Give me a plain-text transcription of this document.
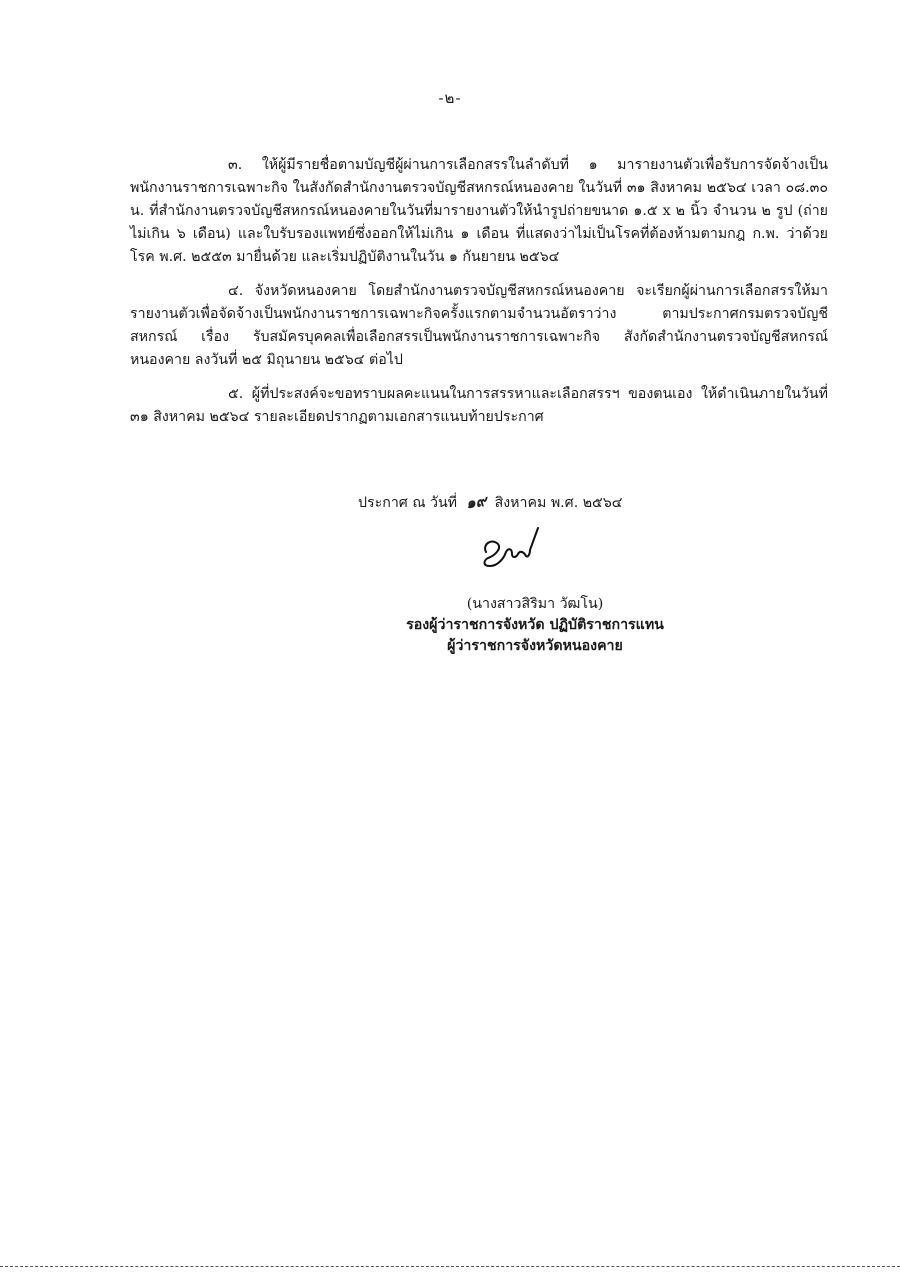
-๒-

๓. ให้ผู้มีรายชื่อตามบัญชีผู้ผ่านการเลือกสรรในลำดับที่ ๑ มารายงานตัวเพื่อรับการจัดจ้างเป็นพนักงานราชการเฉพาะกิจ ในสังกัดสำนักงานตรวจบัญชีสหกรณ์หนองคาย ในวันที่ ๓๑ สิงหาคม ๒๕๖๔ เวลา ๐๘.๓๐ น. ที่สำนักงานตรวจบัญชีสหกรณ์หนองคายในวันที่มารายงานตัวให้นำรูปถ่ายขนาด ๑.๕ x ๒ นิ้ว จำนวน ๒ รูป (ถ่ายไม่เกิน ๖ เดือน) และใบรับรองแพทย์ซึ่งออกให้ไม่เกิน ๑ เดือน ที่แสดงว่าไม่เป็นโรคที่ต้องห้ามตามกฎ ก.พ. ว่าด้วยโรค พ.ศ. ๒๕๕๓ มายื่นด้วย และเริ่มปฏิบัติงานในวัน ๑ กันยายน ๒๕๖๔

๔. จังหวัดหนองคาย โดยสำนักงานตรวจบัญชีสหกรณ์หนองคาย จะเรียกผู้ผ่านการเลือกสรรให้มารายงานตัวเพื่อจัดจ้างเป็นพนักงานราชการเฉพาะกิจครั้งแรกตามจำนวนอัตราว่าง ตามประกาศกรมตรวจบัญชีสหกรณ์ เรื่อง รับสมัครบุคคลเพื่อเลือกสรรเป็นพนักงานราชการเฉพาะกิจ สังกัดสำนักงานตรวจบัญชีสหกรณ์หนองคาย ลงวันที่ ๒๕ มิถุนายน ๒๕๖๔ ต่อไป

๕. ผู้ที่ประสงค์จะขอทราบผลคะแนนในการสรรหาและเลือกสรรฯ ของตนเอง ให้ดำเนินภายในวันที่ ๓๑ สิงหาคม ๒๕๖๔ รายละเอียดปรากฏตามเอกสารแนบท้ายประกาศ

ประกาศ ณ วันที่ ๑๙ สิงหาคม พ.ศ. ๒๕๖๔
(นางสาวสิริมา วัฒโน)
รองผู้ว่าราชการจังหวัด ปฏิบัติราชการแทน
ผู้ว่าราชการจังหวัดหนองคาย
